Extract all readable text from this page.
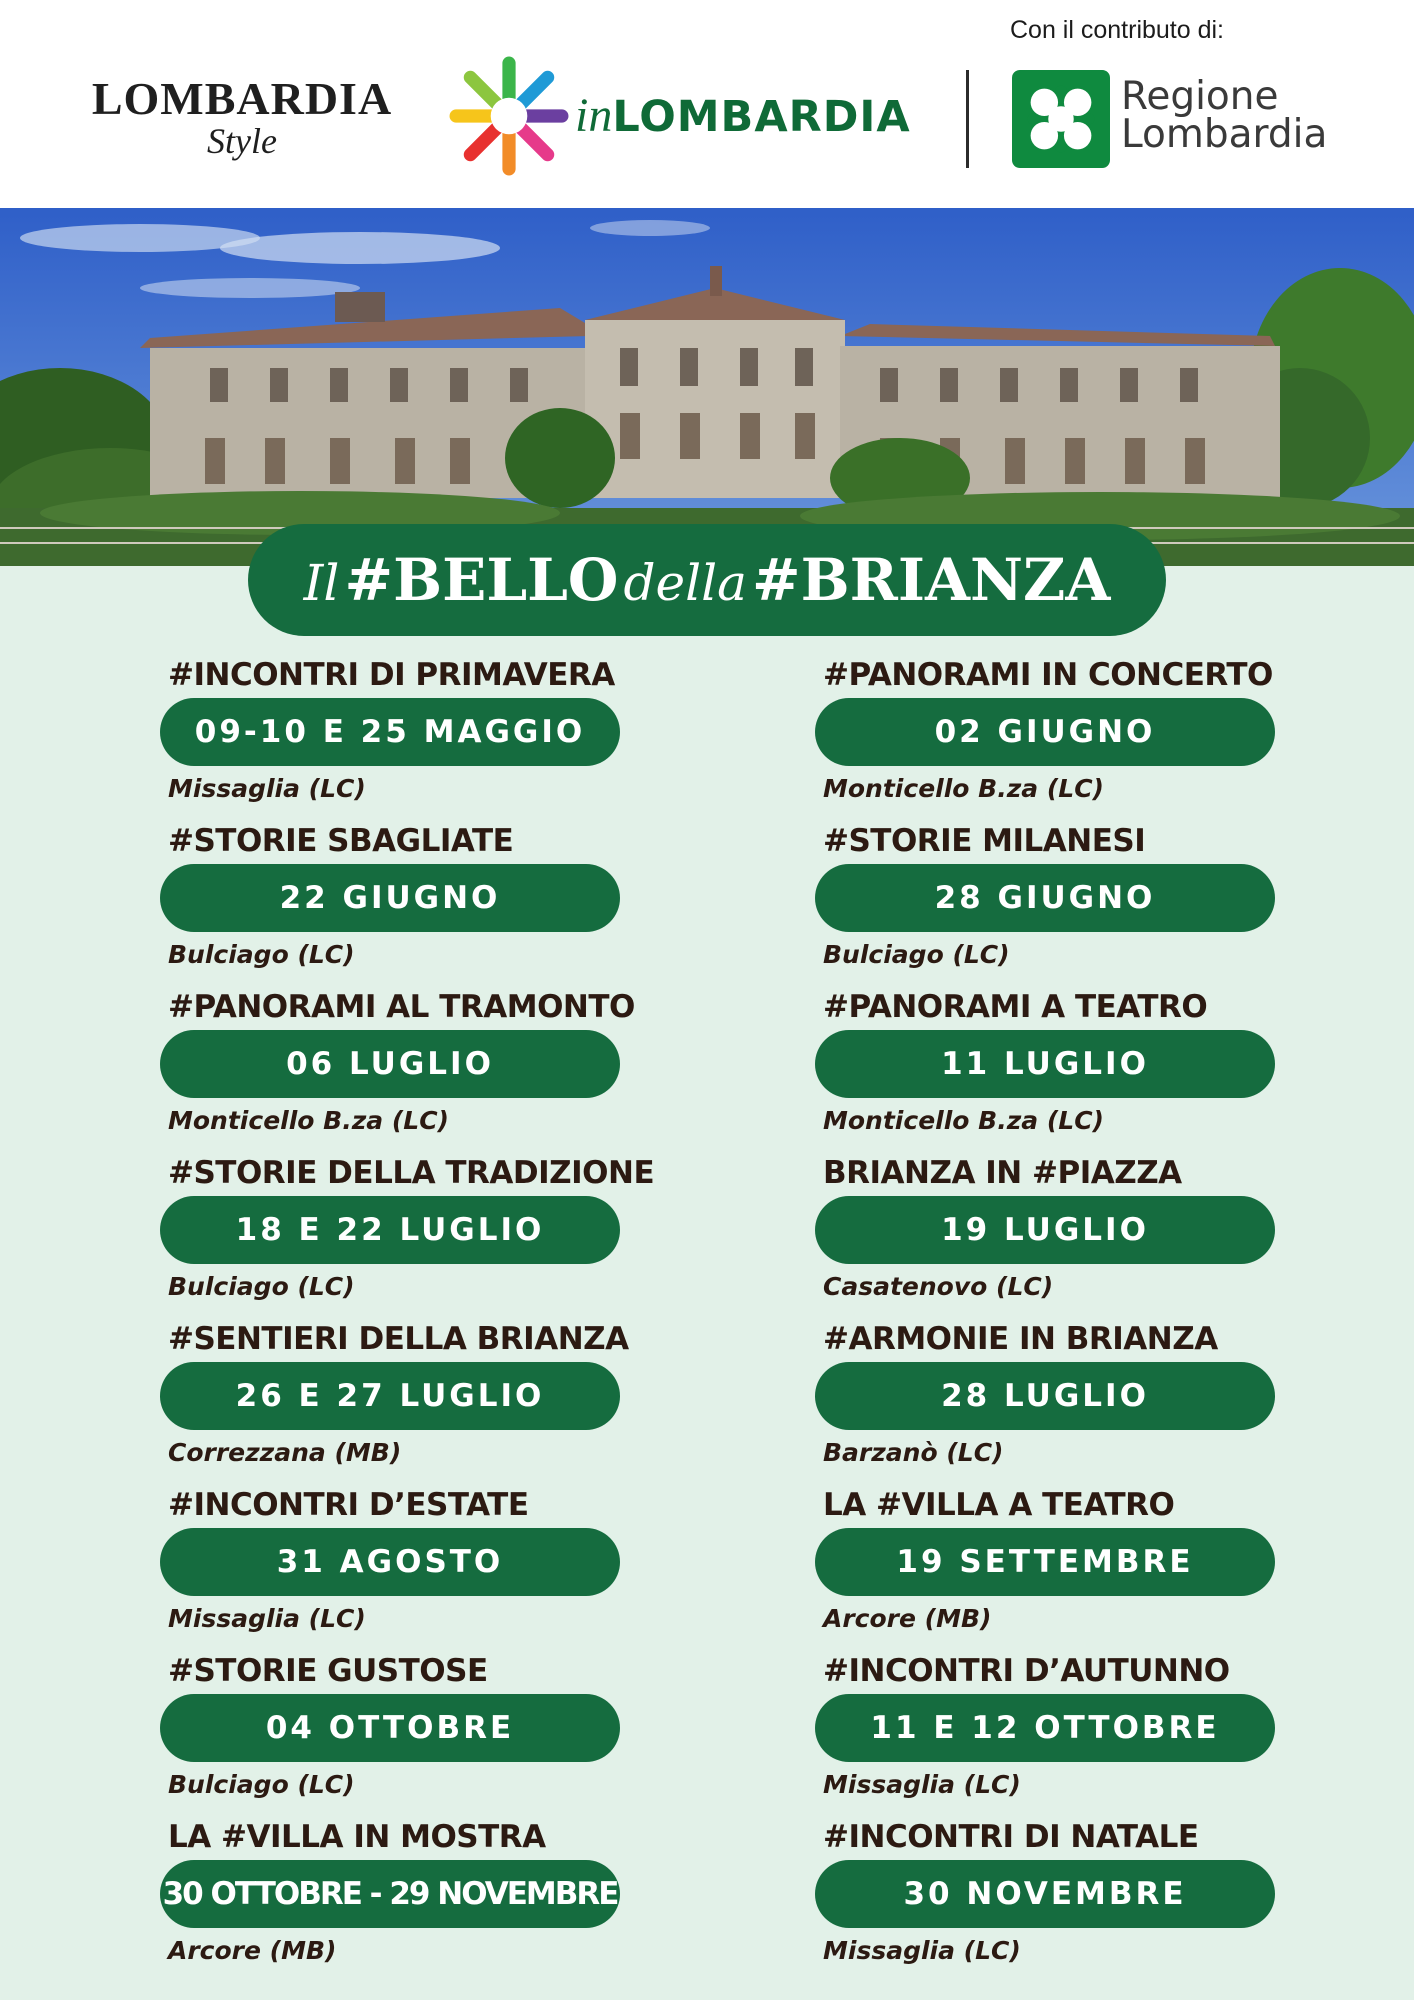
LOMBARDIA
Style	inLOMBARDIA
Con il contributo di:
Regione
Lombardia
Il #BELLO della #BRIANZA
#INCONTRI DI PRIMAVERA
09-10 E 25 MAGGIO
Missaglia (LC)
#STORIE SBAGLIATE
22 GIUGNO
Bulciago (LC)
#PANORAMI AL TRAMONTO
06 LUGLIO
Monticello B.za (LC)
#STORIE DELLA TRADIZIONE
18 E 22 LUGLIO
Bulciago (LC)
#SENTIERI DELLA BRIANZA
26 E 27 LUGLIO
Correzzana (MB)
#INCONTRI D’ESTATE
31 AGOSTO
Missaglia (LC)
#STORIE GUSTOSE
04 OTTOBRE
Bulciago (LC)
LA #VILLA IN MOSTRA
30 OTTOBRE - 29 NOVEMBRE
Arcore (MB)
#PANORAMI IN CONCERTO
02 GIUGNO
Monticello B.za (LC)
#STORIE MILANESI
28 GIUGNO
Bulciago (LC)
#PANORAMI A TEATRO
11 LUGLIO
Monticello B.za (LC)
BRIANZA IN #PIAZZA
19 LUGLIO
Casatenovo (LC)
#ARMONIE IN BRIANZA
28 LUGLIO
Barzanò (LC)
LA #VILLA A TEATRO
19 SETTEMBRE
Arcore (MB)
#INCONTRI D’AUTUNNO
11 E 12 OTTOBRE
Missaglia (LC)
#INCONTRI DI NATALE
30 NOVEMBRE
Missaglia (LC)
